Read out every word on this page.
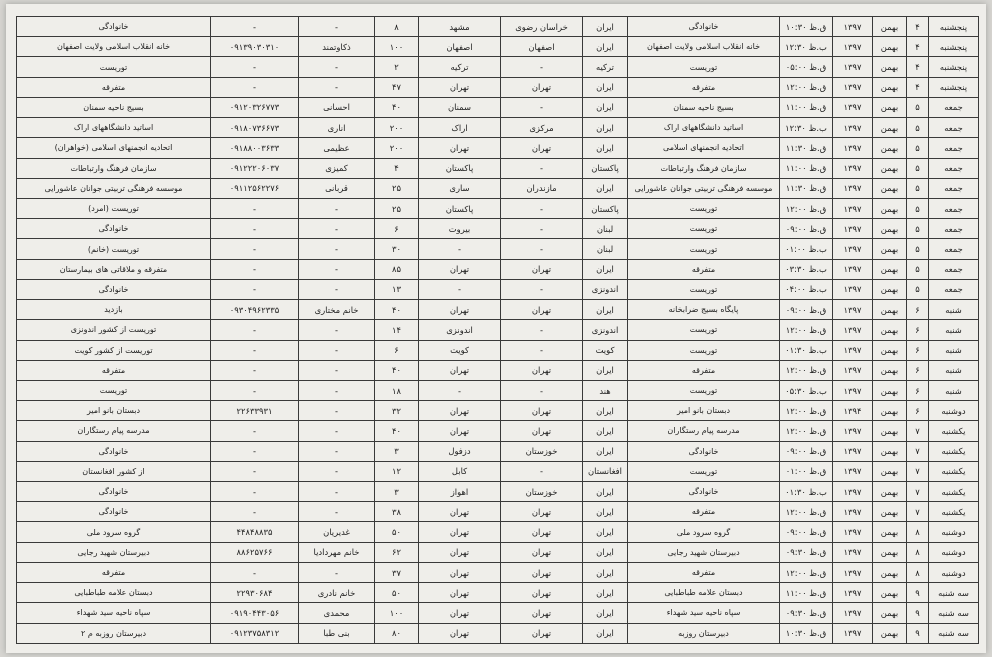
پنجشنبه	۴	بهمن	۱۳۹۷	ق.ظ ۱۰:۳۰	خانوادگی	ایران	خراسان رضوی	مشهد	۸	-	-	خانوادگی
پنجشنبه	۴	بهمن	۱۳۹۷	ب.ظ ۱۲:۳۰	خانه انقلاب اسلامی ولایت اصفهان	ایران	اصفهان	اصفهان	۱۰۰	ذکاوتمند	۰۹۱۳۹۰۳۰۳۱۰	خانه انقلاب اسلامی ولایت اصفهان
پنجشنبه	۴	بهمن	۱۳۹۷	ق.ظ ۰۵:۰۰	توریست	ترکیه	-	ترکیه	۲	-	-	توریست
پنجشنبه	۴	بهمن	۱۳۹۷	ق.ظ ۱۲:۰۰	متفرقه	ایران	تهران	تهران	۴۷	-	-	متفرقه
جمعه	۵	بهمن	۱۳۹۷	ق.ظ ۱۱:۰۰	بسیج ناحیه سمنان	ایران	-	سمنان	۴۰	احسانی	۰۹۱۲۰۳۲۶۷۷۳	بسیج ناحیه سمنان
جمعه	۵	بهمن	۱۳۹۷	ب.ظ ۱۲:۳۰	اساتید دانشگاههای اراک	ایران	مرکزی	اراک	۲۰۰	اناری	۰۹۱۸۰۷۳۶۶۷۳	اساتید دانشگاههای اراک
جمعه	۵	بهمن	۱۳۹۷	ق.ظ ۱۱:۳۰	اتحادیه انجمنهای اسلامی	ایران	تهران	تهران	۲۰۰	عظیمی	۰۹۱۸۸۰۰۳۶۳۳	اتحادیه انجمنهای اسلامی (خواهران)
جمعه	۵	بهمن	۱۳۹۷	ق.ظ ۱۱:۰۰	سازمان فرهنگ وارتباطات	پاکستان	-	پاکستان	۴	کمیزی	۰۹۱۲۲۲۰۶۰۳۷	سازمان فرهنگ وارتباطات
جمعه	۵	بهمن	۱۳۹۷	ق.ظ ۱۱:۳۰	موسسه فرهنگی تربیتی جوانان عاشورایی	ایران	مازندران	ساری	۲۵	قربانی	۰۹۱۱۲۵۶۲۲۷۶	موسسه فرهنگی تربیتی جوانان عاشورایی
جمعه	۵	بهمن	۱۳۹۷	ق.ظ ۱۲:۰۰	توریست	پاکستان	-	پاکستان	۲۵	-	-	توریست (امرد)
جمعه	۵	بهمن	۱۳۹۷	ق.ظ ۰۹:۰۰	توریست	لبنان	-	بیروت	۶	-	-	خانوادگی
جمعه	۵	بهمن	۱۳۹۷	ب.ظ ۰۱:۰۰	توریست	لبنان	-	-	۳۰	-	-	توریست (خانم)
جمعه	۵	بهمن	۱۳۹۷	ب.ظ ۰۳:۳۰	متفرقه	ایران	تهران	تهران	۸۵	-	-	متفرقه و ملاقاتی های بیمارستان
جمعه	۵	بهمن	۱۳۹۷	ب.ظ ۰۴:۰۰	توریست	اندونزی	-	-	۱۳	-	-	خانوادگی
شنبه	۶	بهمن	۱۳۹۷	ق.ظ ۰۹:۰۰	پایگاه بسیج ضرابخانه	ایران	تهران	تهران	۴۰	خانم مختاری	۰۹۳۰۴۹۶۲۳۳۵	بازدید
شنبه	۶	بهمن	۱۳۹۷	ق.ظ ۱۲:۰۰	توریست	اندونزی	-	اندونزی	۱۴	-	-	توریست از کشور اندونزی
شنبه	۶	بهمن	۱۳۹۷	ب.ظ ۰۱:۳۰	توریست	کویت	-	کویت	۶	-	-	توریست از کشور کویت
شنبه	۶	بهمن	۱۳۹۷	ق.ظ ۱۲:۰۰	متفرقه	ایران	تهران	تهران	۴۰	-	-	متفرقه
شنبه	۶	بهمن	۱۳۹۷	ب.ظ ۰۵:۳۰	توریست	هند	-	-	۱۸	-	-	توریست
دوشنبه	۶	بهمن	۱۳۹۴	ق.ظ ۱۲:۰۰	دبستان بانو امیر	ایران	تهران	تهران	۳۲	-	۲۲۶۳۳۹۳۱	دبستان بانو امیر
یکشنبه	۷	بهمن	۱۳۹۷	ق.ظ ۱۲:۰۰	مدرسه پیام رستگاران	ایران	تهران	تهران	۴۰	-	-	مدرسه پیام رستگاران
یکشنبه	۷	بهمن	۱۳۹۷	ق.ظ ۰۹:۰۰	خانوادگی	ایران	خوزستان	دزفول	۳	-	-	خانوادگی
یکشنبه	۷	بهمن	۱۳۹۷	ق.ظ ۰۱:۰۰	توریست	افغانستان	-	کابل	۱۲	-	-	از کشور افغانستان
یکشنبه	۷	بهمن	۱۳۹۷	ب.ظ ۰۱:۳۰	خانوادگی	ایران	خوزستان	اهواز	۳	-	-	خانوادگی
یکشنبه	۷	بهمن	۱۳۹۷	ق.ظ ۱۲:۰۰	متفرقه	ایران	تهران	تهران	۳۸	-	-	خانوادگی
دوشنبه	۸	بهمن	۱۳۹۷	ق.ظ ۰۹:۰۰	گروه سرود ملی	ایران	تهران	تهران	۵۰	غدیریان	۴۴۸۴۸۸۳۵	گروه سرود ملی
دوشنبه	۸	بهمن	۱۳۹۷	ق.ظ ۰۹:۳۰	دبیرستان شهید رجایی	ایران	تهران	تهران	۶۲	خانم مهرداديا	۸۸۶۲۵۷۶۶	دبیرستان شهید رجایی
دوشنبه	۸	بهمن	۱۳۹۷	ق.ظ ۱۲:۰۰	متفرقه	ایران	تهران	تهران	۳۷	-	-	متفرقه
سه شنبه	۹	بهمن	۱۳۹۷	ق.ظ ۱۱:۰۰	دبستان علامه طباطبایی	ایران	تهران	تهران	۵۰	خانم نادری	۲۲۹۳۰۶۸۴	دبستان علامه طباطبایی
سه شنبه	۹	بهمن	۱۳۹۷	ق.ظ ۰۹:۳۰	سپاه ناحیه سید شهداء	ایران	تهران	تهران	۱۰۰	محمدی	۰۹۱۹۰۴۴۳۰۵۶	سپاه ناحیه سید شهداء
سه شنبه	۹	بهمن	۱۳۹۷	ق.ظ ۱۰:۳۰	دبیرستان روزبه	ایران	تهران	تهران	۸۰	بنی طبا	۰۹۱۲۳۷۵۸۳۱۲	دبیرستان روزبه م ۲
